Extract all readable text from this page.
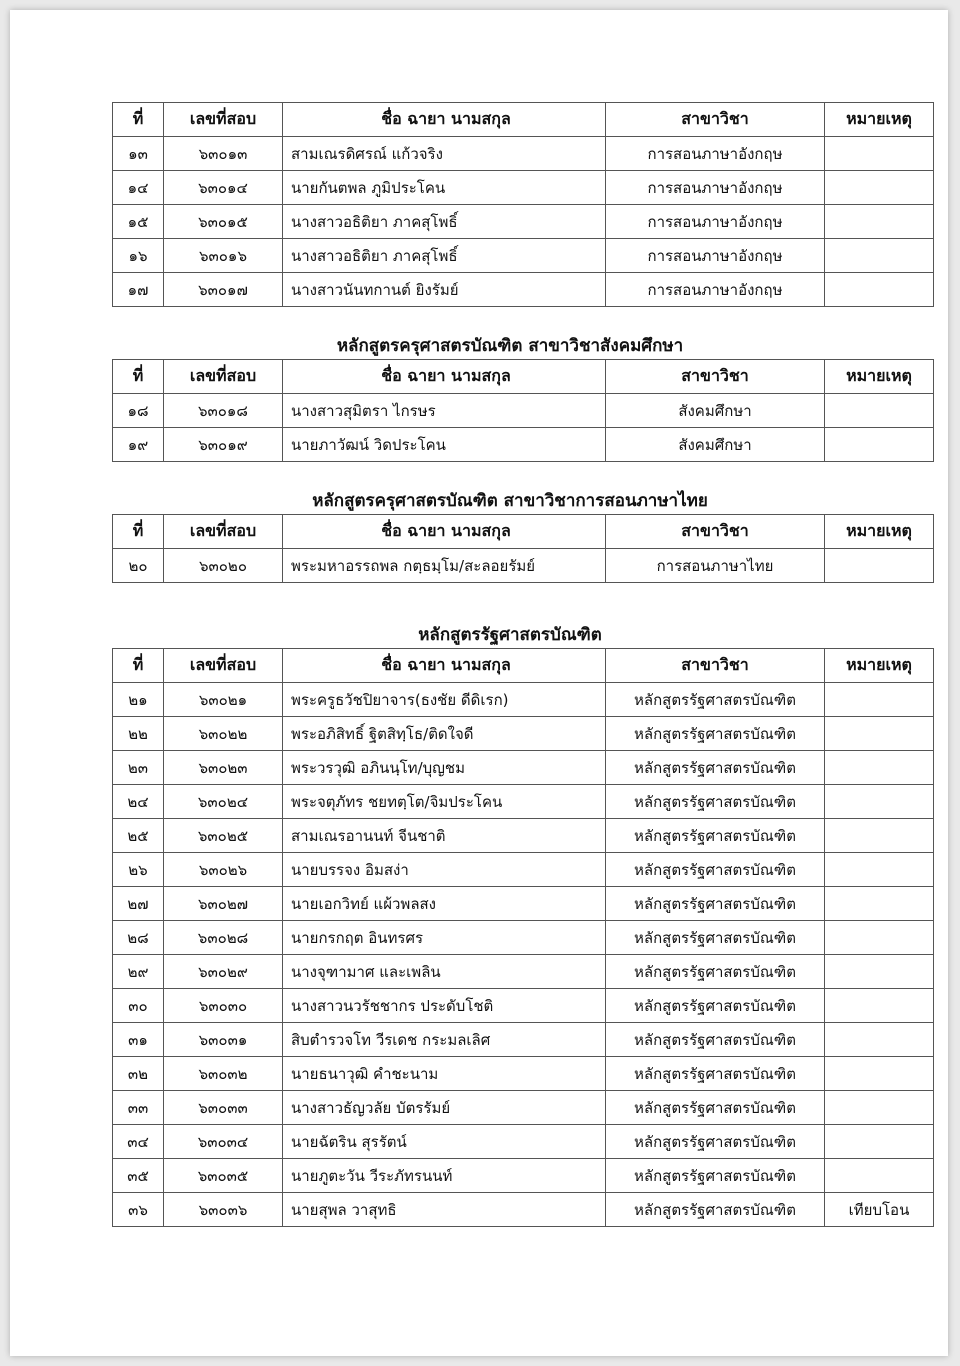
ที่	เลขที่สอบ	ชื่อ ฉายา นามสกุล	สาขาวิชา	หมายเหตุ
๑๓	๖๓๐๑๓	สามเณรดิศรณ์ แก้วจริง	การสอนภาษาอังกฤษ	
๑๔	๖๓๐๑๔	นายกันตพล ภูมิประโคน	การสอนภาษาอังกฤษ	
๑๕	๖๓๐๑๕	นางสาวอธิติยา ภาคสุโพธิ์	การสอนภาษาอังกฤษ	
๑๖	๖๓๐๑๖	นางสาวอธิติยา ภาคสุโพธิ์	การสอนภาษาอังกฤษ	
๑๗	๖๓๐๑๗	นางสาวนันทกานต์ ยิงรัมย์	การสอนภาษาอังกฤษ	
หลักสูตรครุศาสตรบัณฑิต สาขาวิชาสังคมศึกษา
ที่	เลขที่สอบ	ชื่อ ฉายา นามสกุล	สาขาวิชา	หมายเหตุ
๑๘	๖๓๐๑๘	นางสาวสุมิตรา ไกรษร	สังคมศึกษา	
๑๙	๖๓๐๑๙	นายภาวัฒน์ วิดประโคน	สังคมศึกษา	
หลักสูตรครุศาสตรบัณฑิต สาขาวิชาการสอนภาษาไทย
ที่	เลขที่สอบ	ชื่อ ฉายา นามสกุล	สาขาวิชา	หมายเหตุ
๒๐	๖๓๐๒๐	พระมหาอรรถพล กตฺธมฺโม/สะลอยรัมย์	การสอนภาษาไทย	
หลักสูตรรัฐศาสตรบัณฑิต
ที่	เลขที่สอบ	ชื่อ ฉายา นามสกุล	สาขาวิชา	หมายเหตุ
๒๑	๖๓๐๒๑	พระครูธวัชปิยาจาร(ธงชัย ดีดิเรก)	หลักสูตรรัฐศาสตรบัณฑิต	
๒๒	๖๓๐๒๒	พระอภิสิทธิ์ ฐิตสิทฺโธ/ติดใจดี	หลักสูตรรัฐศาสตรบัณฑิต	
๒๓	๖๓๐๒๓	พระวรวุฒิ อภินนฺโท/บุญชม	หลักสูตรรัฐศาสตรบัณฑิต	
๒๔	๖๓๐๒๔	พระจตุภัทร ชยทตฺโต/จิมประโคน	หลักสูตรรัฐศาสตรบัณฑิต	
๒๕	๖๓๐๒๕	สามเณรอานนท์ จีนชาติ	หลักสูตรรัฐศาสตรบัณฑิต	
๒๖	๖๓๐๒๖	นายบรรจง อิมสง่า	หลักสูตรรัฐศาสตรบัณฑิต	
๒๗	๖๓๐๒๗	นายเอกวิทย์ แผ้วพลสง	หลักสูตรรัฐศาสตรบัณฑิต	
๒๘	๖๓๐๒๘	นายกรกฤต อินทรศร	หลักสูตรรัฐศาสตรบัณฑิต	
๒๙	๖๓๐๒๙	นางจุฑามาศ และเพลิน	หลักสูตรรัฐศาสตรบัณฑิต	
๓๐	๖๓๐๓๐	นางสาวนวรัชชากร ประดับโชติ	หลักสูตรรัฐศาสตรบัณฑิต	
๓๑	๖๓๐๓๑	สิบตำรวจโท วีรเดช กระมลเลิศ	หลักสูตรรัฐศาสตรบัณฑิต	
๓๒	๖๓๐๓๒	นายธนาวุฒิ คำชะนาม	หลักสูตรรัฐศาสตรบัณฑิต	
๓๓	๖๓๐๓๓	นางสาวธัญวลัย บัตรรัมย์	หลักสูตรรัฐศาสตรบัณฑิต	
๓๔	๖๓๐๓๔	นายฉัตริน สุรรัตน์	หลักสูตรรัฐศาสตรบัณฑิต	
๓๕	๖๓๐๓๕	นายภูตะวัน วีระภัทรนนท์	หลักสูตรรัฐศาสตรบัณฑิต	
๓๖	๖๓๐๓๖	นายสุพล วาสุทธิ	หลักสูตรรัฐศาสตรบัณฑิต	เทียบโอน
